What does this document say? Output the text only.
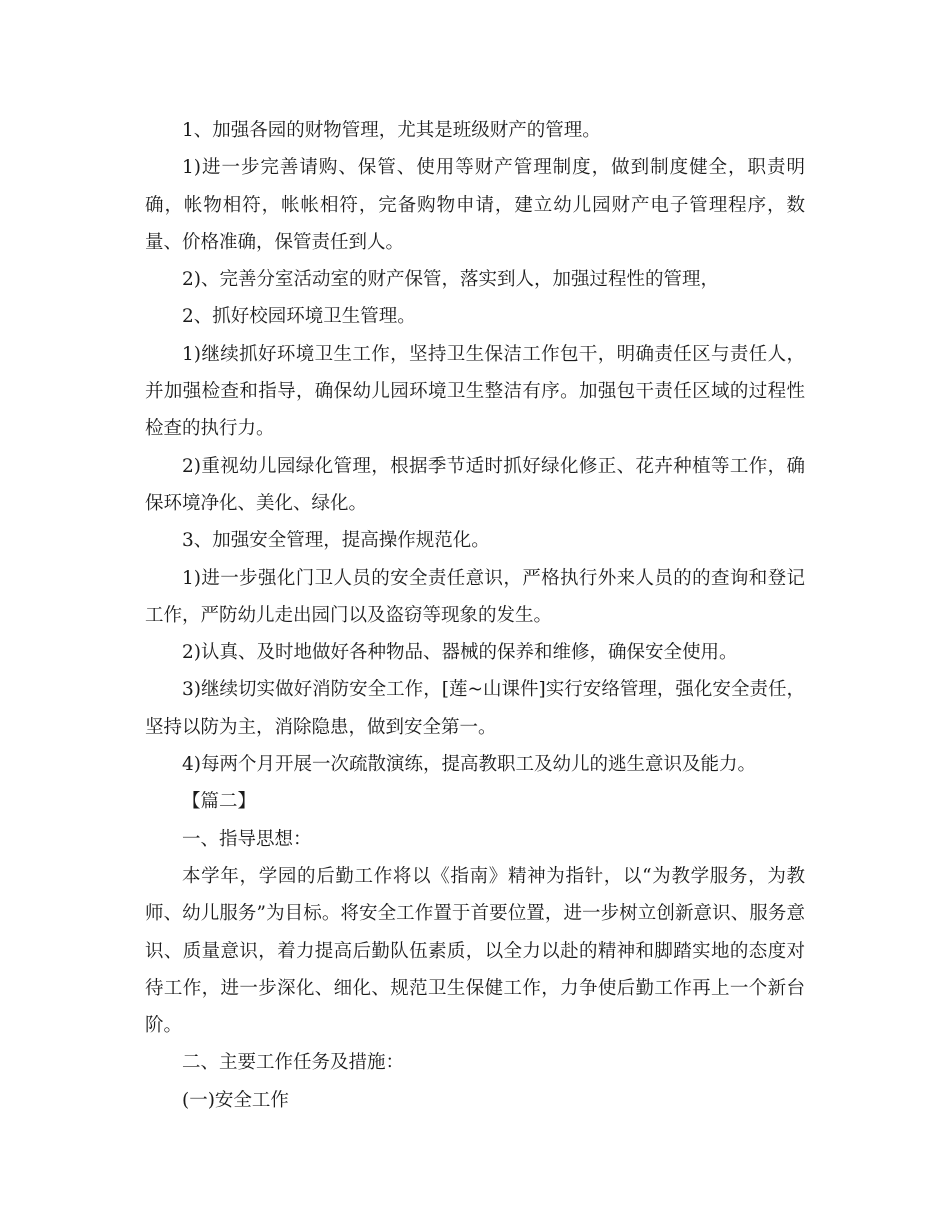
1、加强各园的财物管理，尤其是班级财产的管理。

1)进一步完善请购、保管、使用等财产管理制度，做到制度健全，职责明确，帐物相符，帐帐相符，完备购物申请，建立幼儿园财产电子管理程序，数量、价格准确，保管责任到人。

2)、完善分室活动室的财产保管，落实到人，加强过程性的管理，

2、抓好校园环境卫生管理。

1)继续抓好环境卫生工作，坚持卫生保洁工作包干，明确责任区与责任人，并加强检查和指导，确保幼儿园环境卫生整洁有序。加强包干责任区域的过程性检查的执行力。

2)重视幼儿园绿化管理，根据季节适时抓好绿化修正、花卉种植等工作，确保环境净化、美化、绿化。

3、加强安全管理，提高操作规范化。

1)进一步强化门卫人员的安全责任意识，严格执行外来人员的的查询和登记工作，严防幼儿走出园门以及盗窃等现象的发生。

2)认真、及时地做好各种物品、器械的保养和维修，确保安全使用。

3)继续切实做好消防安全工作，[莲~山课件]实行安络管理，强化安全责任，坚持以防为主，消除隐患，做到安全第一。

4)每两个月开展一次疏散演练，提高教职工及幼儿的逃生意识及能力。

【篇二】

一、指导思想：

本学年，学园的后勤工作将以《指南》精神为指针，以“为教学服务，为教师、幼儿服务”为目标。将安全工作置于首要位置，进一步树立创新意识、服务意识、质量意识，着力提高后勤队伍素质，以全力以赴的精神和脚踏实地的态度对待工作，进一步深化、细化、规范卫生保健工作，力争使后勤工作再上一个新台阶。

二、主要工作任务及措施：

(一)安全工作
